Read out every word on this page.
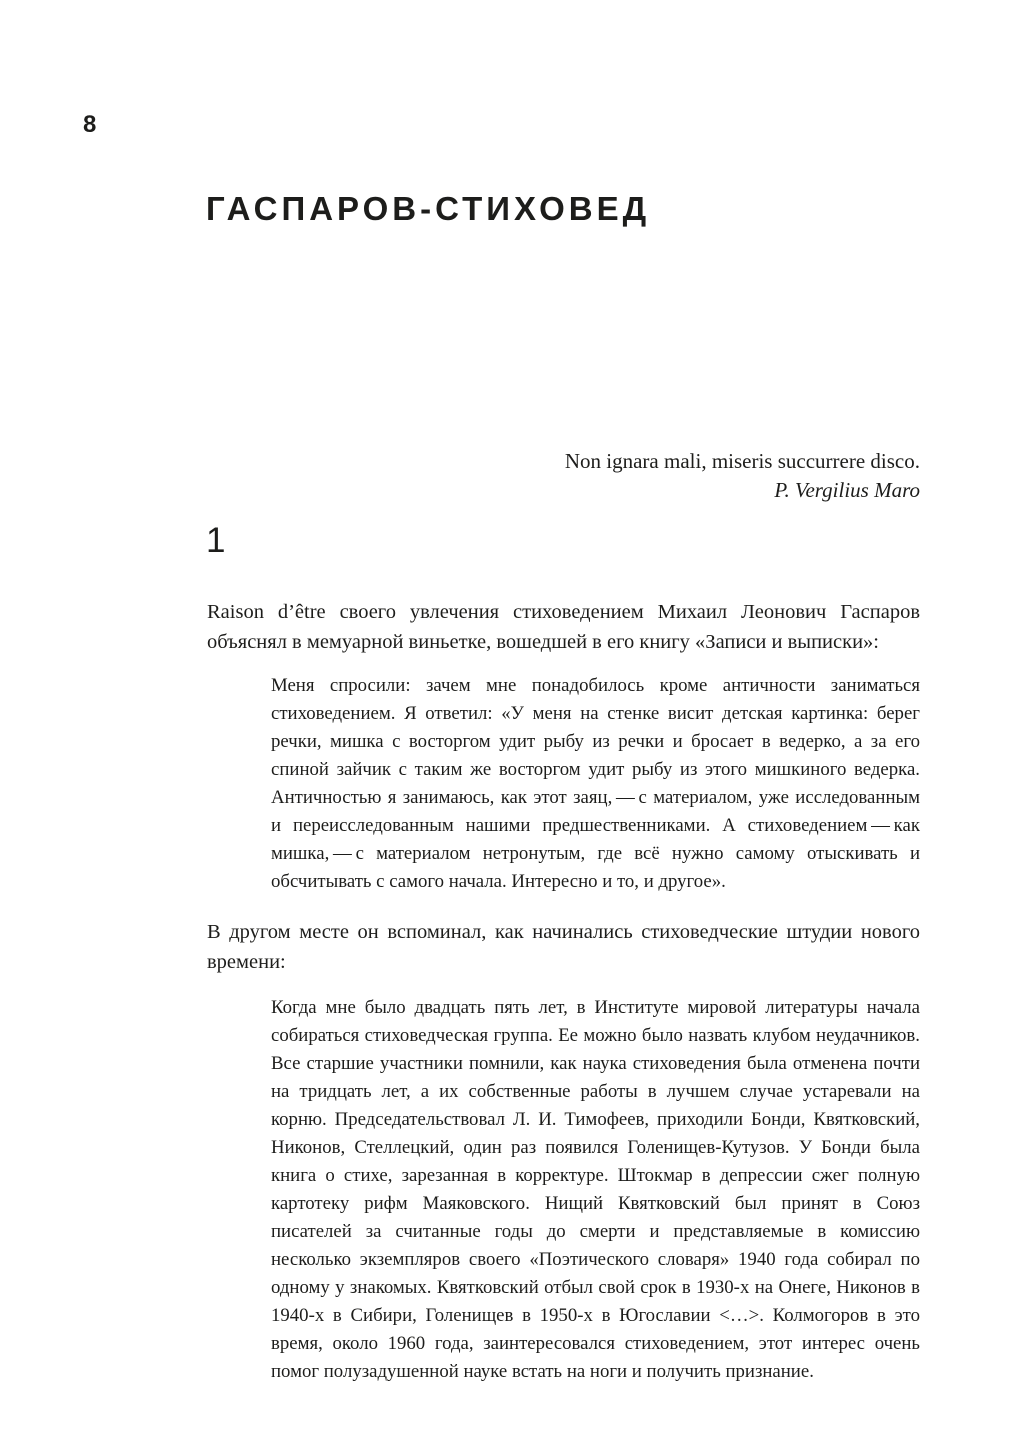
8
ГАСПАРОВ-СТИХОВЕД
Non ignara mali, miseris succurrere disco.
P. Vergilius Maro
1

Raison d’être своего увлечения стиховедением Михаил Леонович Гаспаров объяснял в мемуарной виньетке, вошедшей в его книгу «Записи и выписки»:

Меня спросили: зачем мне понадобилось кроме античности заниматься стиховедением. Я ответил: «У меня на стенке висит детская картинка: берег речки, мишка с восторгом удит рыбу из речки и бросает в ведерко, а за его спиной зайчик с таким же восторгом удит рыбу из этого мишкиного ведерка. Античностью я занимаюсь, как этот заяц, — с материалом, уже исследованным и переисследованным нашими предшественниками. А стиховедением — как мишка, — с материалом нетронутым, где всё нужно самому отыскивать и обсчитывать с самого начала. Интересно и то, и другое».

В другом месте он вспоминал, как начинались стиховедческие штудии нового времени:

Когда мне было двадцать пять лет, в Институте мировой литературы начала собираться стиховедческая группа. Ее можно было назвать клубом неудачников. Все старшие участники помнили, как наука стиховедения была отменена почти на тридцать лет, а их собственные работы в лучшем случае устаревали на корню. Председательствовал Л. И. Тимофеев, приходили Бонди, Квятковский, Никонов, Стеллецкий, один раз появился Голенищев-Кутузов. У Бонди была книга о стихе, зарезанная в корректуре. Штокмар в депрессии сжег полную картотеку рифм Маяковского. Нищий Квятковский был принят в Союз писателей за считанные годы до смерти и представляемые в комиссию несколько экземпляров своего «Поэтического словаря» 1940 года собирал по одному у знакомых. Квятковский отбыл свой срок в 1930-х на Онеге, Никонов в 1940-х в Сибири, Голенищев в 1950-х в Югославии <…>. Колмогоров в это время, около 1960 года, заинтересовался стиховедением, этот интерес очень помог полузадушенной науке встать на ноги и получить признание.
